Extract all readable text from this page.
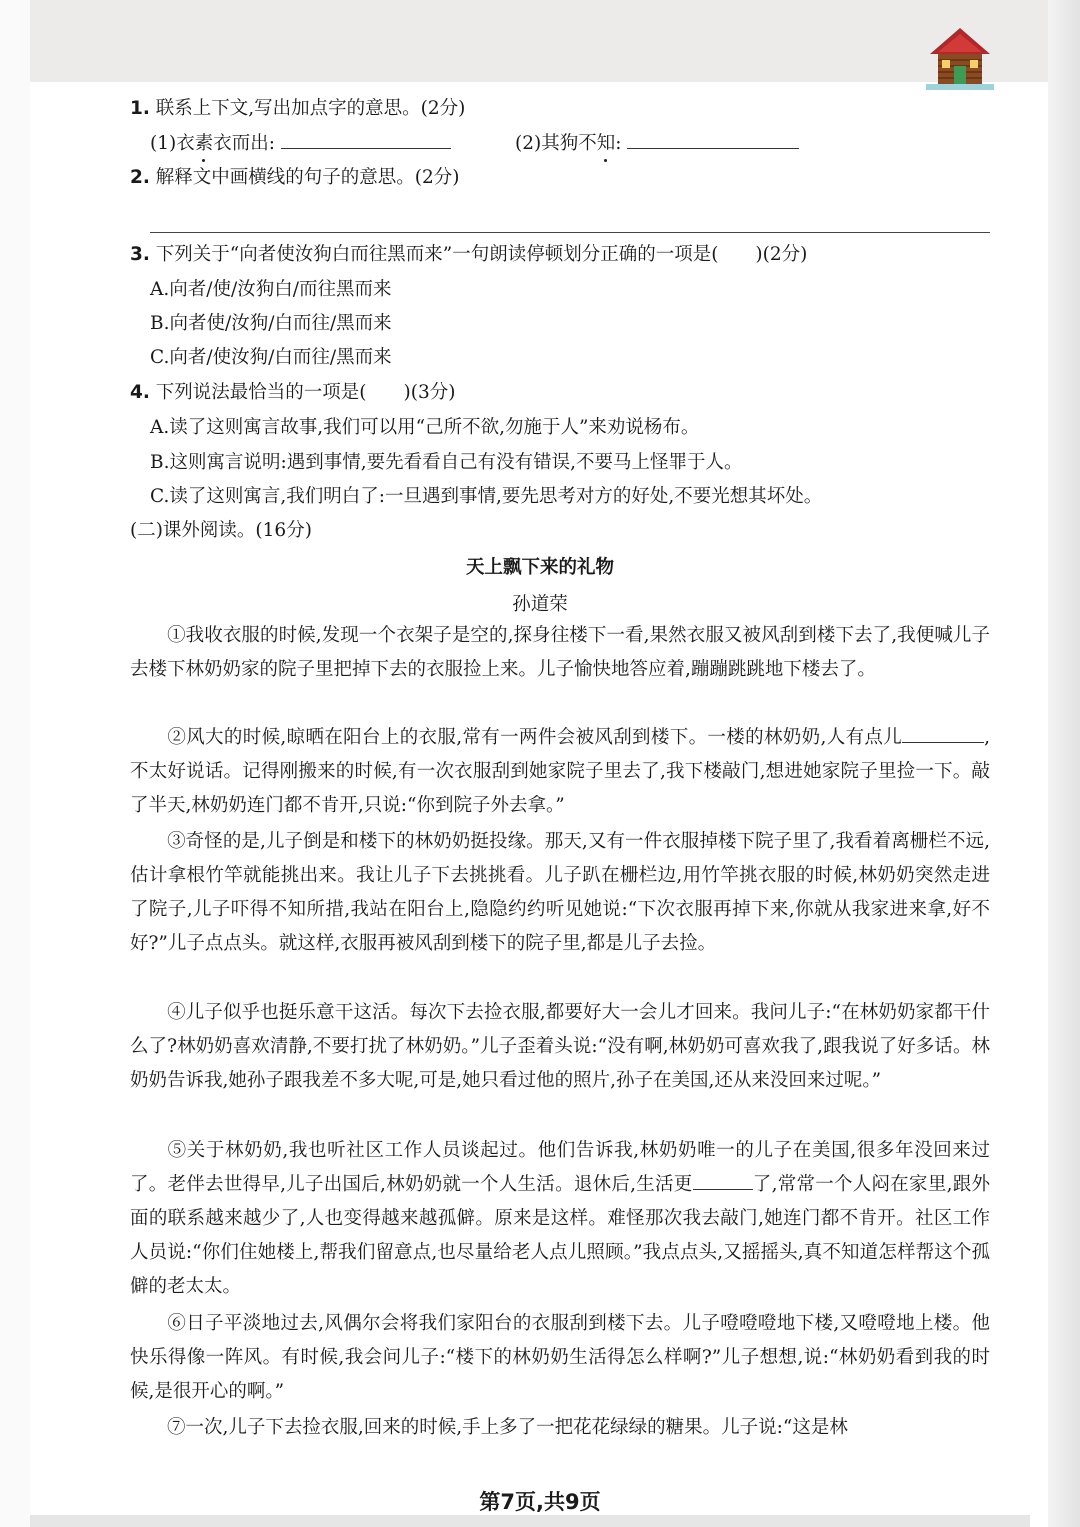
1. 联系上下文,写出加点字的意思。(2分)
(1)衣素衣而出:	(2)其狗不知:
2. 解释文中画横线的句子的意思。(2分)
3. 下列关于“向者使汝狗白而往黑而来”一句朗读停顿划分正确的一项是(　　)(2分)
A.向者/使/汝狗白/而往黑而来
B.向者使/汝狗/白而往/黑而来
C.向者/使汝狗/白而往/黑而来
4. 下列说法最恰当的一项是(　　)(3分)
A.读了这则寓言故事,我们可以用“己所不欲,勿施于人”来劝说杨布。
B.这则寓言说明:遇到事情,要先看看自己有没有错误,不要马上怪罪于人。
C.读了这则寓言,我们明白了:一旦遇到事情,要先思考对方的好处,不要光想其坏处。
(二)课外阅读。(16分)
天上飘下来的礼物
孙道荣
①我收衣服的时候,发现一个衣架子是空的,探身往楼下一看,果然衣服又被风刮到楼下去了,我便喊儿子去楼下林奶奶家的院子里把掉下去的衣服捡上来。儿子愉快地答应着,蹦蹦跳跳地下楼去了。
②风大的时候,晾晒在阳台上的衣服,常有一两件会被风刮到楼下。一楼的林奶奶,人有点儿	,不太好说话。记得刚搬来的时候,有一次衣服刮到她家院子里去了,我下楼敲门,想进她家院子里捡一下。敲了半天,林奶奶连门都不肯开,只说:“你到院子外去拿。”
③奇怪的是,儿子倒是和楼下的林奶奶挺投缘。那天,又有一件衣服掉楼下院子里了,我看着离栅栏不远,估计拿根竹竿就能挑出来。我让儿子下去挑挑看。儿子趴在栅栏边,用竹竿挑衣服的时候,林奶奶突然走进了院子,儿子吓得不知所措,我站在阳台上,隐隐约约听见她说:“下次衣服再掉下来,你就从我家进来拿,好不好?”儿子点点头。就这样,衣服再被风刮到楼下的院子里,都是儿子去捡。
④儿子似乎也挺乐意干这活。每次下去捡衣服,都要好大一会儿才回来。我问儿子:“在林奶奶家都干什么了?林奶奶喜欢清静,不要打扰了林奶奶。”儿子歪着头说:“没有啊,林奶奶可喜欢我了,跟我说了好多话。林奶奶告诉我,她孙子跟我差不多大呢,可是,她只看过他的照片,孙子在美国,还从来没回来过呢。”
⑤关于林奶奶,我也听社区工作人员谈起过。他们告诉我,林奶奶唯一的儿子在美国,很多年没回来过了。老伴去世得早,儿子出国后,林奶奶就一个人生活。退休后,生活更	了,常常一个人闷在家里,跟外面的联系越来越少了,人也变得越来越孤僻。原来是这样。难怪那次我去敲门,她连门都不肯开。社区工作人员说:“你们住她楼上,帮我们留意点,也尽量给老人点儿照顾。”我点点头,又摇摇头,真不知道怎样帮这个孤僻的老太太。
⑥日子平淡地过去,风偶尔会将我们家阳台的衣服刮到楼下去。儿子噔噔噔地下楼,又噔噔地上楼。他快乐得像一阵风。有时候,我会问儿子:“楼下的林奶奶生活得怎么样啊?”儿子想想,说:“林奶奶看到我的时候,是很开心的啊。”
⑦一次,儿子下去捡衣服,回来的时候,手上多了一把花花绿绿的糖果。儿子说:“这是林
第7页,共9页
